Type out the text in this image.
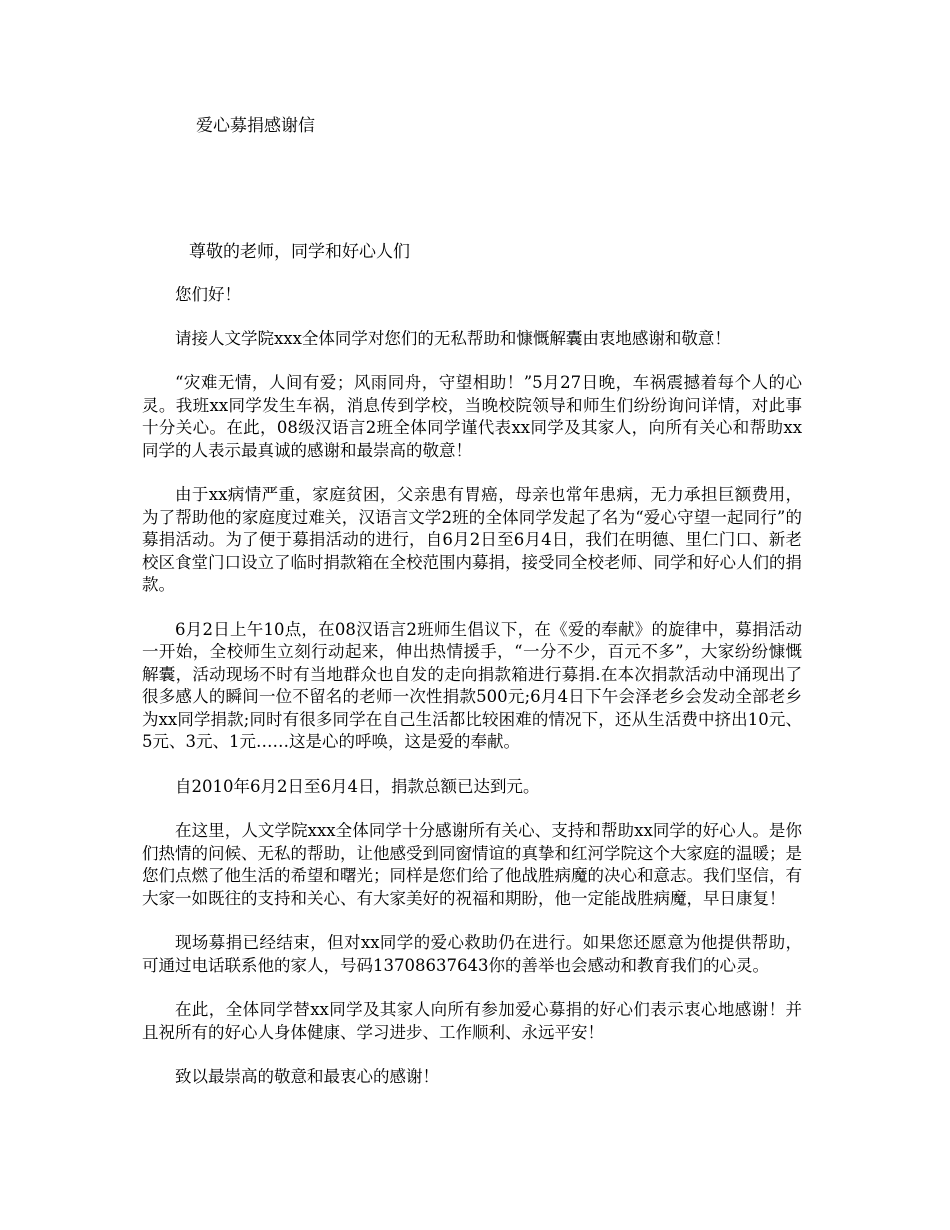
爱心募捐感谢信
尊敬的老师，同学和好心人们

您们好！

请接人文学院xxx全体同学对您们的无私帮助和慷慨解囊由衷地感谢和敬意！

“灾难无情，人间有爱；风雨同舟，守望相助！”5月27日晚，车祸震撼着每个人的心灵。我班xx同学发生车祸，消息传到学校，当晚校院领导和师生们纷纷询问详情，对此事十分关心。在此，08级汉语言2班全体同学谨代表xx同学及其家人，向所有关心和帮助xx同学的人表示最真诚的感谢和最崇高的敬意！

由于xx病情严重，家庭贫困，父亲患有胃癌，母亲也常年患病，无力承担巨额费用，为了帮助他的家庭度过难关，汉语言文学2班的全体同学发起了名为“爱心守望一起同行”的募捐活动。为了便于募捐活动的进行，自6月2日至6月4日，我们在明德、里仁门口、新老校区食堂门口设立了临时捐款箱在全校范围内募捐，接受同全校老师、同学和好心人们的捐款。

6月2日上午10点，在08汉语言2班师生倡议下，在《爱的奉献》的旋律中，募捐活动一开始，全校师生立刻行动起来，伸出热情援手，“一分不少，百元不多”，大家纷纷慷慨解囊，活动现场不时有当地群众也自发的走向捐款箱进行募捐.在本次捐款活动中涌现出了很多感人的瞬间一位不留名的老师一次性捐款500元;6月4日下午会泽老乡会发动全部老乡为xx同学捐款;同时有很多同学在自己生活都比较困难的情况下，还从生活费中挤出10元、5元、3元、1元……这是心的呼唤，这是爱的奉献。

自2010年6月2日至6月4日，捐款总额已达到元。

在这里，人文学院xxx全体同学十分感谢所有关心、支持和帮助xx同学的好心人。是你们热情的问候、无私的帮助，让他感受到同窗情谊的真挚和红河学院这个大家庭的温暖；是您们点燃了他生活的希望和曙光；同样是您们给了他战胜病魔的决心和意志。我们坚信，有大家一如既往的支持和关心、有大家美好的祝福和期盼，他一定能战胜病魔，早日康复！

现场募捐已经结束，但对xx同学的爱心救助仍在进行。如果您还愿意为他提供帮助，可通过电话联系他的家人，号码13708637643你的善举也会感动和教育我们的心灵。

在此，全体同学替xx同学及其家人向所有参加爱心募捐的好心们表示衷心地感谢！并且祝所有的好心人身体健康、学习进步、工作顺利、永远平安！

致以最崇高的敬意和最衷心的感谢！
